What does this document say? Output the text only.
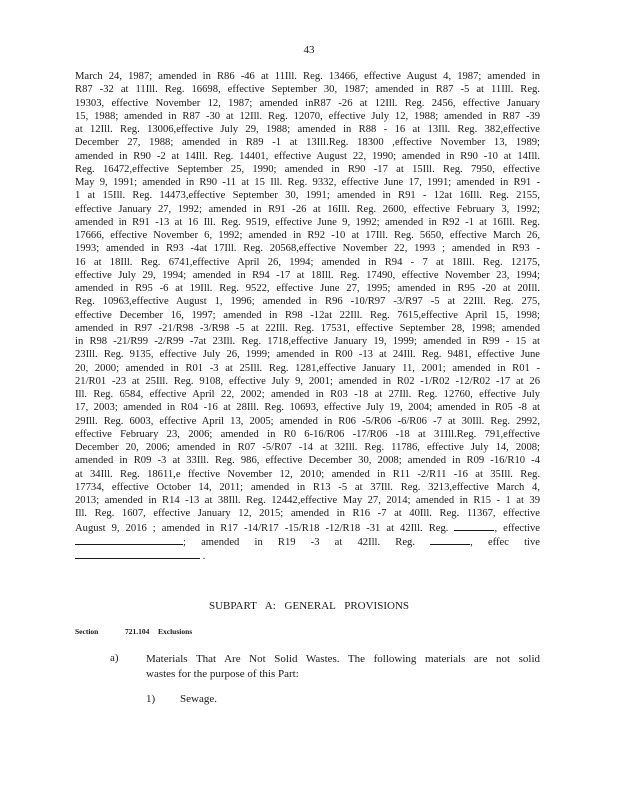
43
March 24, 1987; amended in R86 -46 at 11Ill. Reg. 13466, effective August 4, 1987; amended in
R87 -32 at 11Ill. Reg. 16698, effective September 30, 1987; amended in R87 -5 at 11Ill. Reg.
19303, effective November 12, 1987; amended inR87 -26 at 12Ill. Reg. 2456, effective January
15, 1988; amended in R87 -30 at 12Ill. Reg. 12070, effective July 12, 1988; amended in R87 -39
at 12Ill. Reg. 13006,effective July 29, 1988; amended in R88 - 16 at 13Ill. Reg. 382,effective
December 27, 1988; amended in R89 -1 at 13Ill.Reg. 18300 ,effective November 13, 1989;
amended in R90 -2 at 14Ill. Reg. 14401, effective August 22, 1990; amended in R90 -10 at 14Ill.
Reg. 16472,effective September 25, 1990; amended in R90 -17 at 15Ill. Reg. 7950, effective
May 9, 1991; amended in R90 -11 at 15 Ill. Reg. 9332, effective June 17, 1991; amended in R91 -
1 at 15Ill. Reg. 14473,effective September 30, 1991; amended in R91 - 12at 16Ill. Reg. 2155,
effective January 27, 1992; amended in R91 -26 at 16Ill. Reg. 2600, effective February 3, 1992;
amended in R91 -13 at 16 Ill. Reg. 9519, effective June 9, 1992; amended in R92 -1 at 16Ill. Reg.
17666, effective November 6, 1992; amended in R92 -10 at 17Ill. Reg. 5650, effective March 26,
1993; amended in R93 -4at 17Ill. Reg. 20568,effective November 22, 1993 ; amended in R93 -
16 at 18Ill. Reg. 6741,effective April 26, 1994; amended in R94 - 7 at 18Ill. Reg. 12175,
effective July 29, 1994; amended in R94 -17 at 18Ill. Reg. 17490, effective November 23, 1994;
amended in R95 -6 at 19Ill. Reg. 9522, effective June 27, 1995; amended in R95 -20 at 20Ill.
Reg. 10963,effective August 1, 1996; amended in R96 -10/R97 -3/R97 -5 at 22Ill. Reg. 275,
effective December 16, 1997; amended in R98 -12at 22Ill. Reg. 7615,effective April 15, 1998;
amended in R97 -21/R98 -3/R98 -5 at 22Ill. Reg. 17531, effective September 28, 1998; amended
in R98 -21/R99 -2/R99 -7at 23Ill. Reg. 1718,effective January 19, 1999; amended in R99 - 15 at
23Ill. Reg. 9135, effective July 26, 1999; amended in R00 -13 at 24Ill. Reg. 9481, effective June
20, 2000; amended in R01 -3 at 25Ill. Reg. 1281,effective January 11, 2001; amended in R01 -
21/R01 -23 at 25Ill. Reg. 9108, effective July 9, 2001; amended in R02 -1/R02 -12/R02 -17 at 26
Ill. Reg. 6584, effective April 22, 2002; amended in R03 -18 at 27Ill. Reg. 12760, effective July
17, 2003; amended in R04 -16 at 28Ill. Reg. 10693, effective July 19, 2004; amended in R05 -8 at
29Ill. Reg. 6003, effective April 13, 2005; amended in R06 -5/R06 -6/R06 -7 at 30Ill. Reg. 2992,
effective February 23, 2006; amended in R0 6-16/R06 -17/R06 -18 at 31Ill.Reg. 791,effective
December 20, 2006; amended in R07 -5/R07 -14 at 32Ill. Reg. 11786, effective July 14, 2008;
amended in R09 -3 at 33Ill. Reg. 986, effective December 30, 2008; amended in R09 -16/R10 -4
at 34Ill. Reg. 18611,e ffective November 12, 2010; amended in R11 -2/R11 -16 at 35Ill. Reg.
17734, effective October 14, 2011; amended in R13 -5 at 37Ill. Reg. 3213,effective March 4,
2013; amended in R14 -13 at 38Ill. Reg. 12442,effective May 27, 2014; amended in R15 - 1 at 39
Ill. Reg. 1607, effective January 12, 2015; amended in R16 -7 at 40Ill. Reg. 11367, effective
August 9, 2016 ; amended in R17 -14/R17 -15/R18 -12/R18 -31 at 42Ill. Reg.	, effective
; amended in R19 -3 at 42Ill. Reg.	, effec tive
.
SUBPART A: GENERAL PROVISIONS
Section	721.104 Exclusions
a) Materials That Are Not Solid Wastes. The following materials are not solid
wastes for the purpose of this Part:
1) Sewage.
